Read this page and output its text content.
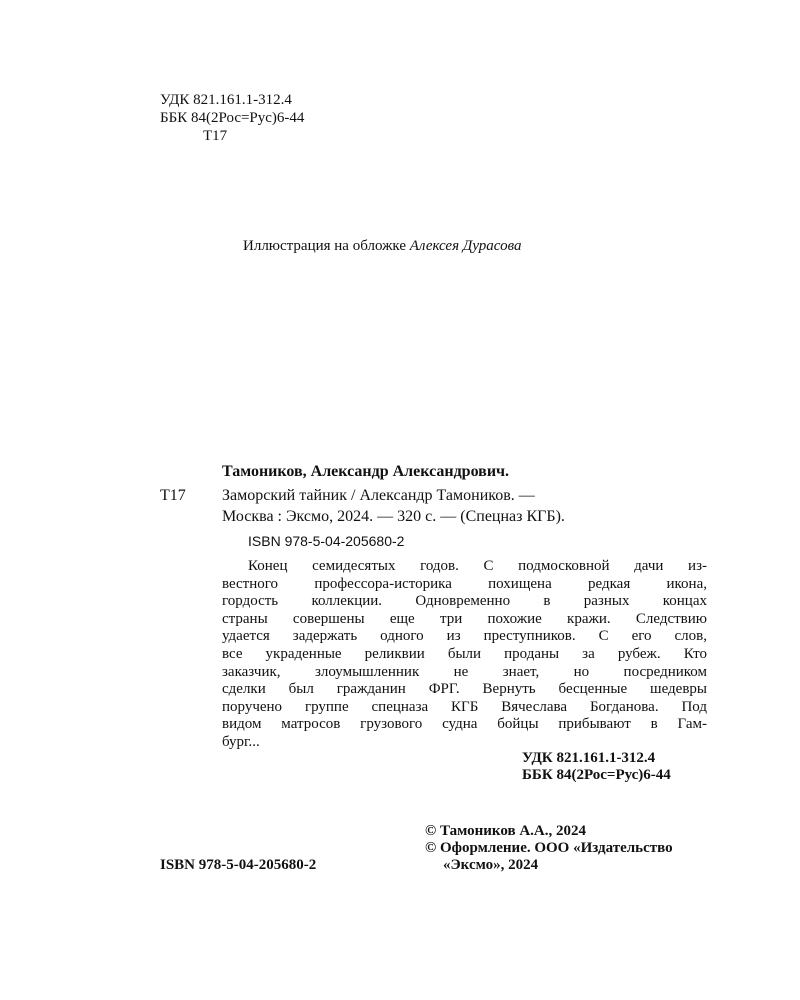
УДК 821.161.1-312.4
ББК 84(2Рос=Рус)6-44
Т17
Иллюстрация на обложке Алексея Дурасова
Тамоников, Александр Александрович.
Т17 Заморский тайник / Александр Тамоников. —
Москва : Эксмо, 2024. — 320 с. — (Спецназ КГБ).
ISBN 978-5-04-205680-2
Конец семидесятых годов. С подмосковной дачи из-
вестного профессора-историка похищена редкая икона,
гордость коллекции. Одновременно в разных концах
страны совершены еще три похожие кражи. Следствию
удается задержать одного из преступников. С его слов,
все украденные реликвии были проданы за рубеж. Кто
заказчик, злоумышленник не знает, но посредником
сделки был гражданин ФРГ. Вернуть бесценные шедевры
поручено группе спецназа КГБ Вячеслава Богданова. Под
видом матросов грузового судна бойцы прибывают в Гам-
бург...
УДК 821.161.1-312.4
ББК 84(2Рос=Рус)6-44
© Тамоников А.А., 2024
© Оформление. ООО «Издательство
«Эксмо», 2024
ISBN 978-5-04-205680-2
